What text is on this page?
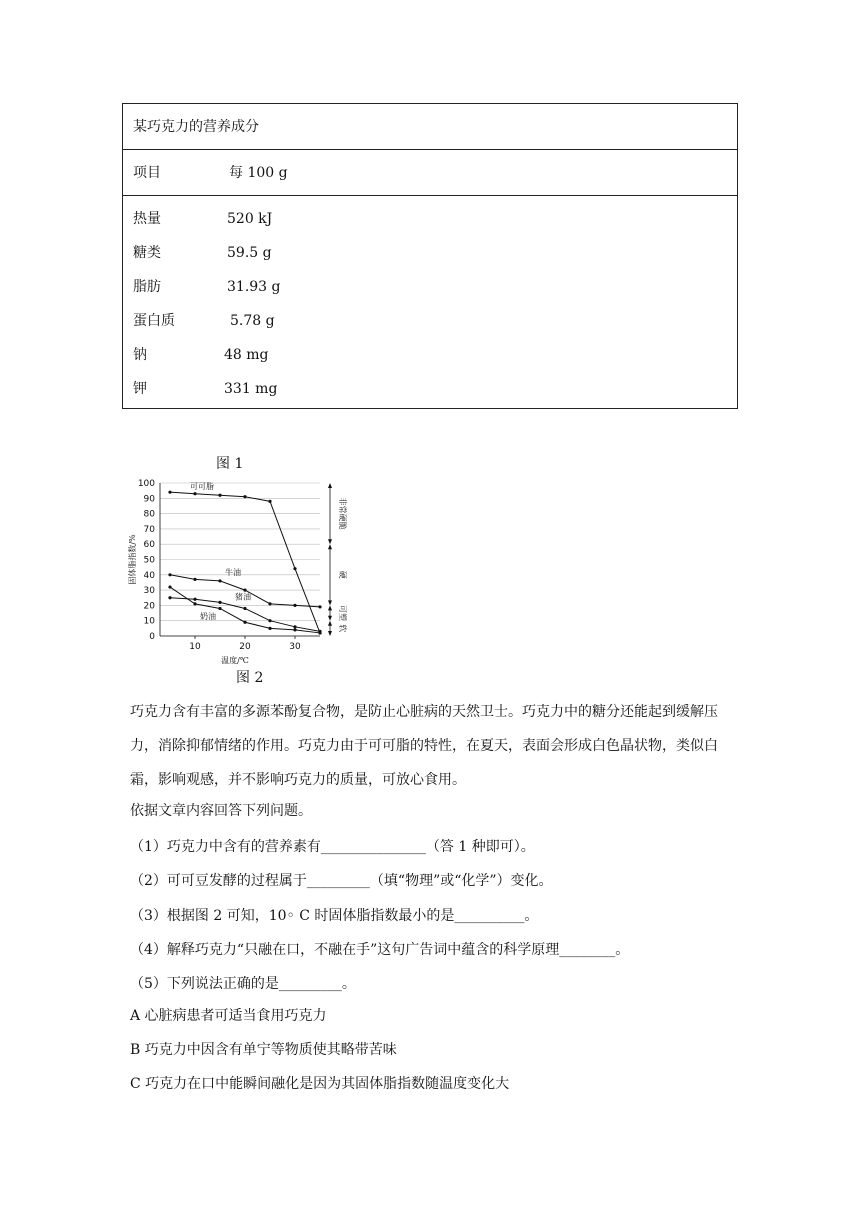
某巧克力的营养成分
项目	每 100 g
热量	520 kJ
糖类	59.5 g
脂肪	31.93 g
蛋白质	5.78 g
钠	48 mg
钾	331 mg
图 1
0
10
20
30
40
50
60
70
80
90
100
10	20	30
温度/℃
固体脂指数/%
可可脂
牛油
猪油
奶油
非常硬脆
硬
可塑
软
图 2
巧克力含有丰富的多源苯酚复合物，是防止心脏病的天然卫士。巧克力中的糖分还能起到缓解压力，消除抑郁情绪的作用。巧克力由于可可脂的特性，在夏天，表面会形成白色晶状物，类似白霜，影响观感，并不影响巧克力的质量，可放心食用。
依据文章内容回答下列问题。
（1）巧克力中含有的营养素有_______________（答 1 种即可）。
（2）可可豆发酵的过程属于_________（填“物理”或“化学”）变化。
（3）根据图 2 可知，10◦ C 时固体脂指数最小的是__________。
（4）解释巧克力“只融在口，不融在手”这句广告词中蕴含的科学原理________。
（5）下列说法正确的是_________。
A 心脏病患者可适当食用巧克力
B 巧克力中因含有单宁等物质使其略带苦味
C 巧克力在口中能瞬间融化是因为其固体脂指数随温度变化大
